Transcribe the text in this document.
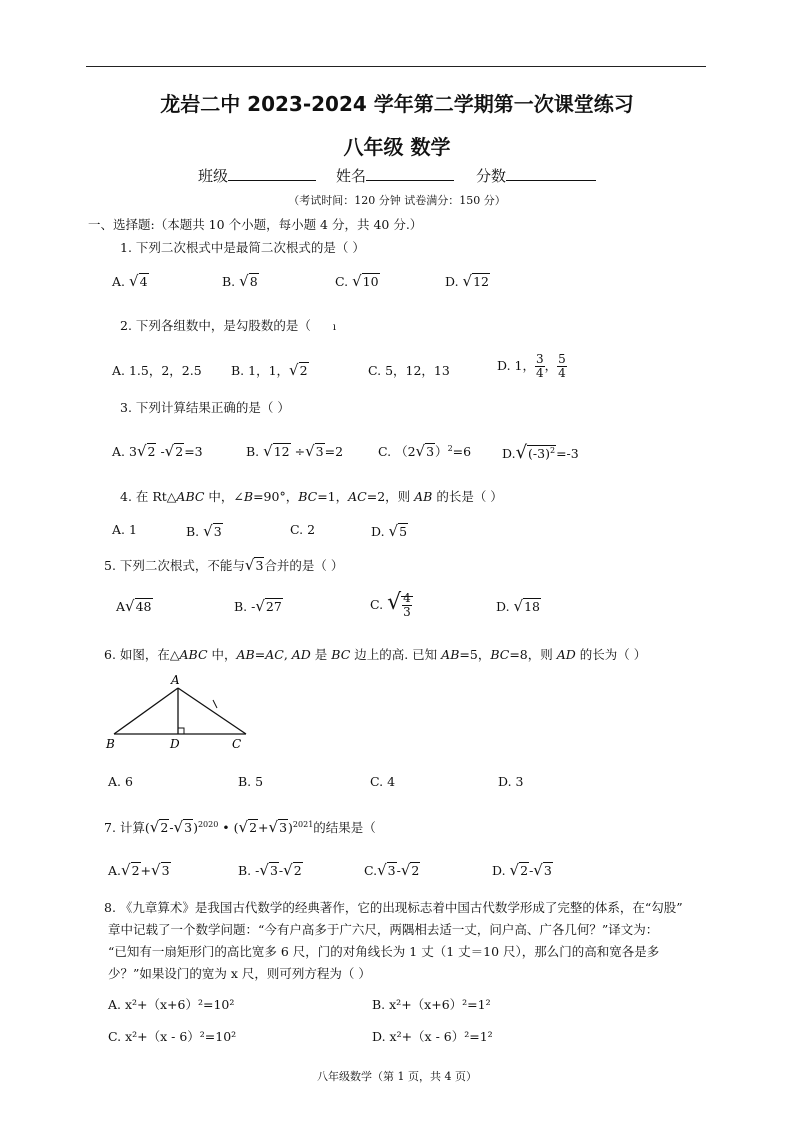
龙岩二中 2023-2024 学年第二学期第一次课堂练习
八年级 数学
班级	姓名	分数
（考试时间：120 分钟 试卷满分：150 分）
一、选择题:（本题共 10 个小题，每小题 4 分，共 40 分.）
1. 下列二次根式中是最简二次根式的是（ ）
A. √4	B. √8	C. √10	D. √12
2. 下列各组数中，是勾股数的是（ ı
A. 1.5，2，2.5 B. 1，1，√2	C. 5，12，13	D. 1， $\frac{3}{4}$ ， $\frac{5}{4}$
3. 下列计算结果正确的是（ ）
A. 3√2 -√2=3	B. √12 ÷√3=2	C. $(2√3)^2=6$ $D.√(-3)^2=-3$
4. 在 Rt△ABC 中，∠B=90°，BC=1，AC=2，则 AB 的长是（ ）
A. 1	B. √3	C. 2	D. √5
5. 下列二次根式，不能与√3合并的是（ ）
A√48	B. -√27	C. √ $\frac{4}{3}$	D. √18
6. 如图，在△ABC 中，AB=AC, AD 是 BC 边上的高. 已知 AB=5，BC=8，则 AD 的长为（ ）
A
B	D	C
A. 6	B. 5	C. 4	D. 3
7. 计算$(√2-√3)^{2020}$ • $(√2+√3)^{2021}$的结果是（
A.√2+√3	B. -√3-√2	C.√3-√2	D. √2-√3
8. 《九章算术》是我国古代数学的经典著作，它的出现标志着中国古代数学形成了完整的体系，在“勾股”
章中记载了一个数学问题：“今有户高多于广六尺，两隅相去适一丈，问户高、广各几何？”译文为：
“已知有一扇矩形门的高比宽多 6 尺，门的对角线长为 1 丈（1 丈＝10 尺），那么门的高和宽各是多
少？”如果设门的宽为 x 尺，则可列方程为（ ）
A. x²+（x+6）²=10²	B. x²+（x+6）²=1²
C. x²+（x - 6）²=10²	D. x²+（x - 6）²=1²
八年级数学（第 1 页，共 4 页）
